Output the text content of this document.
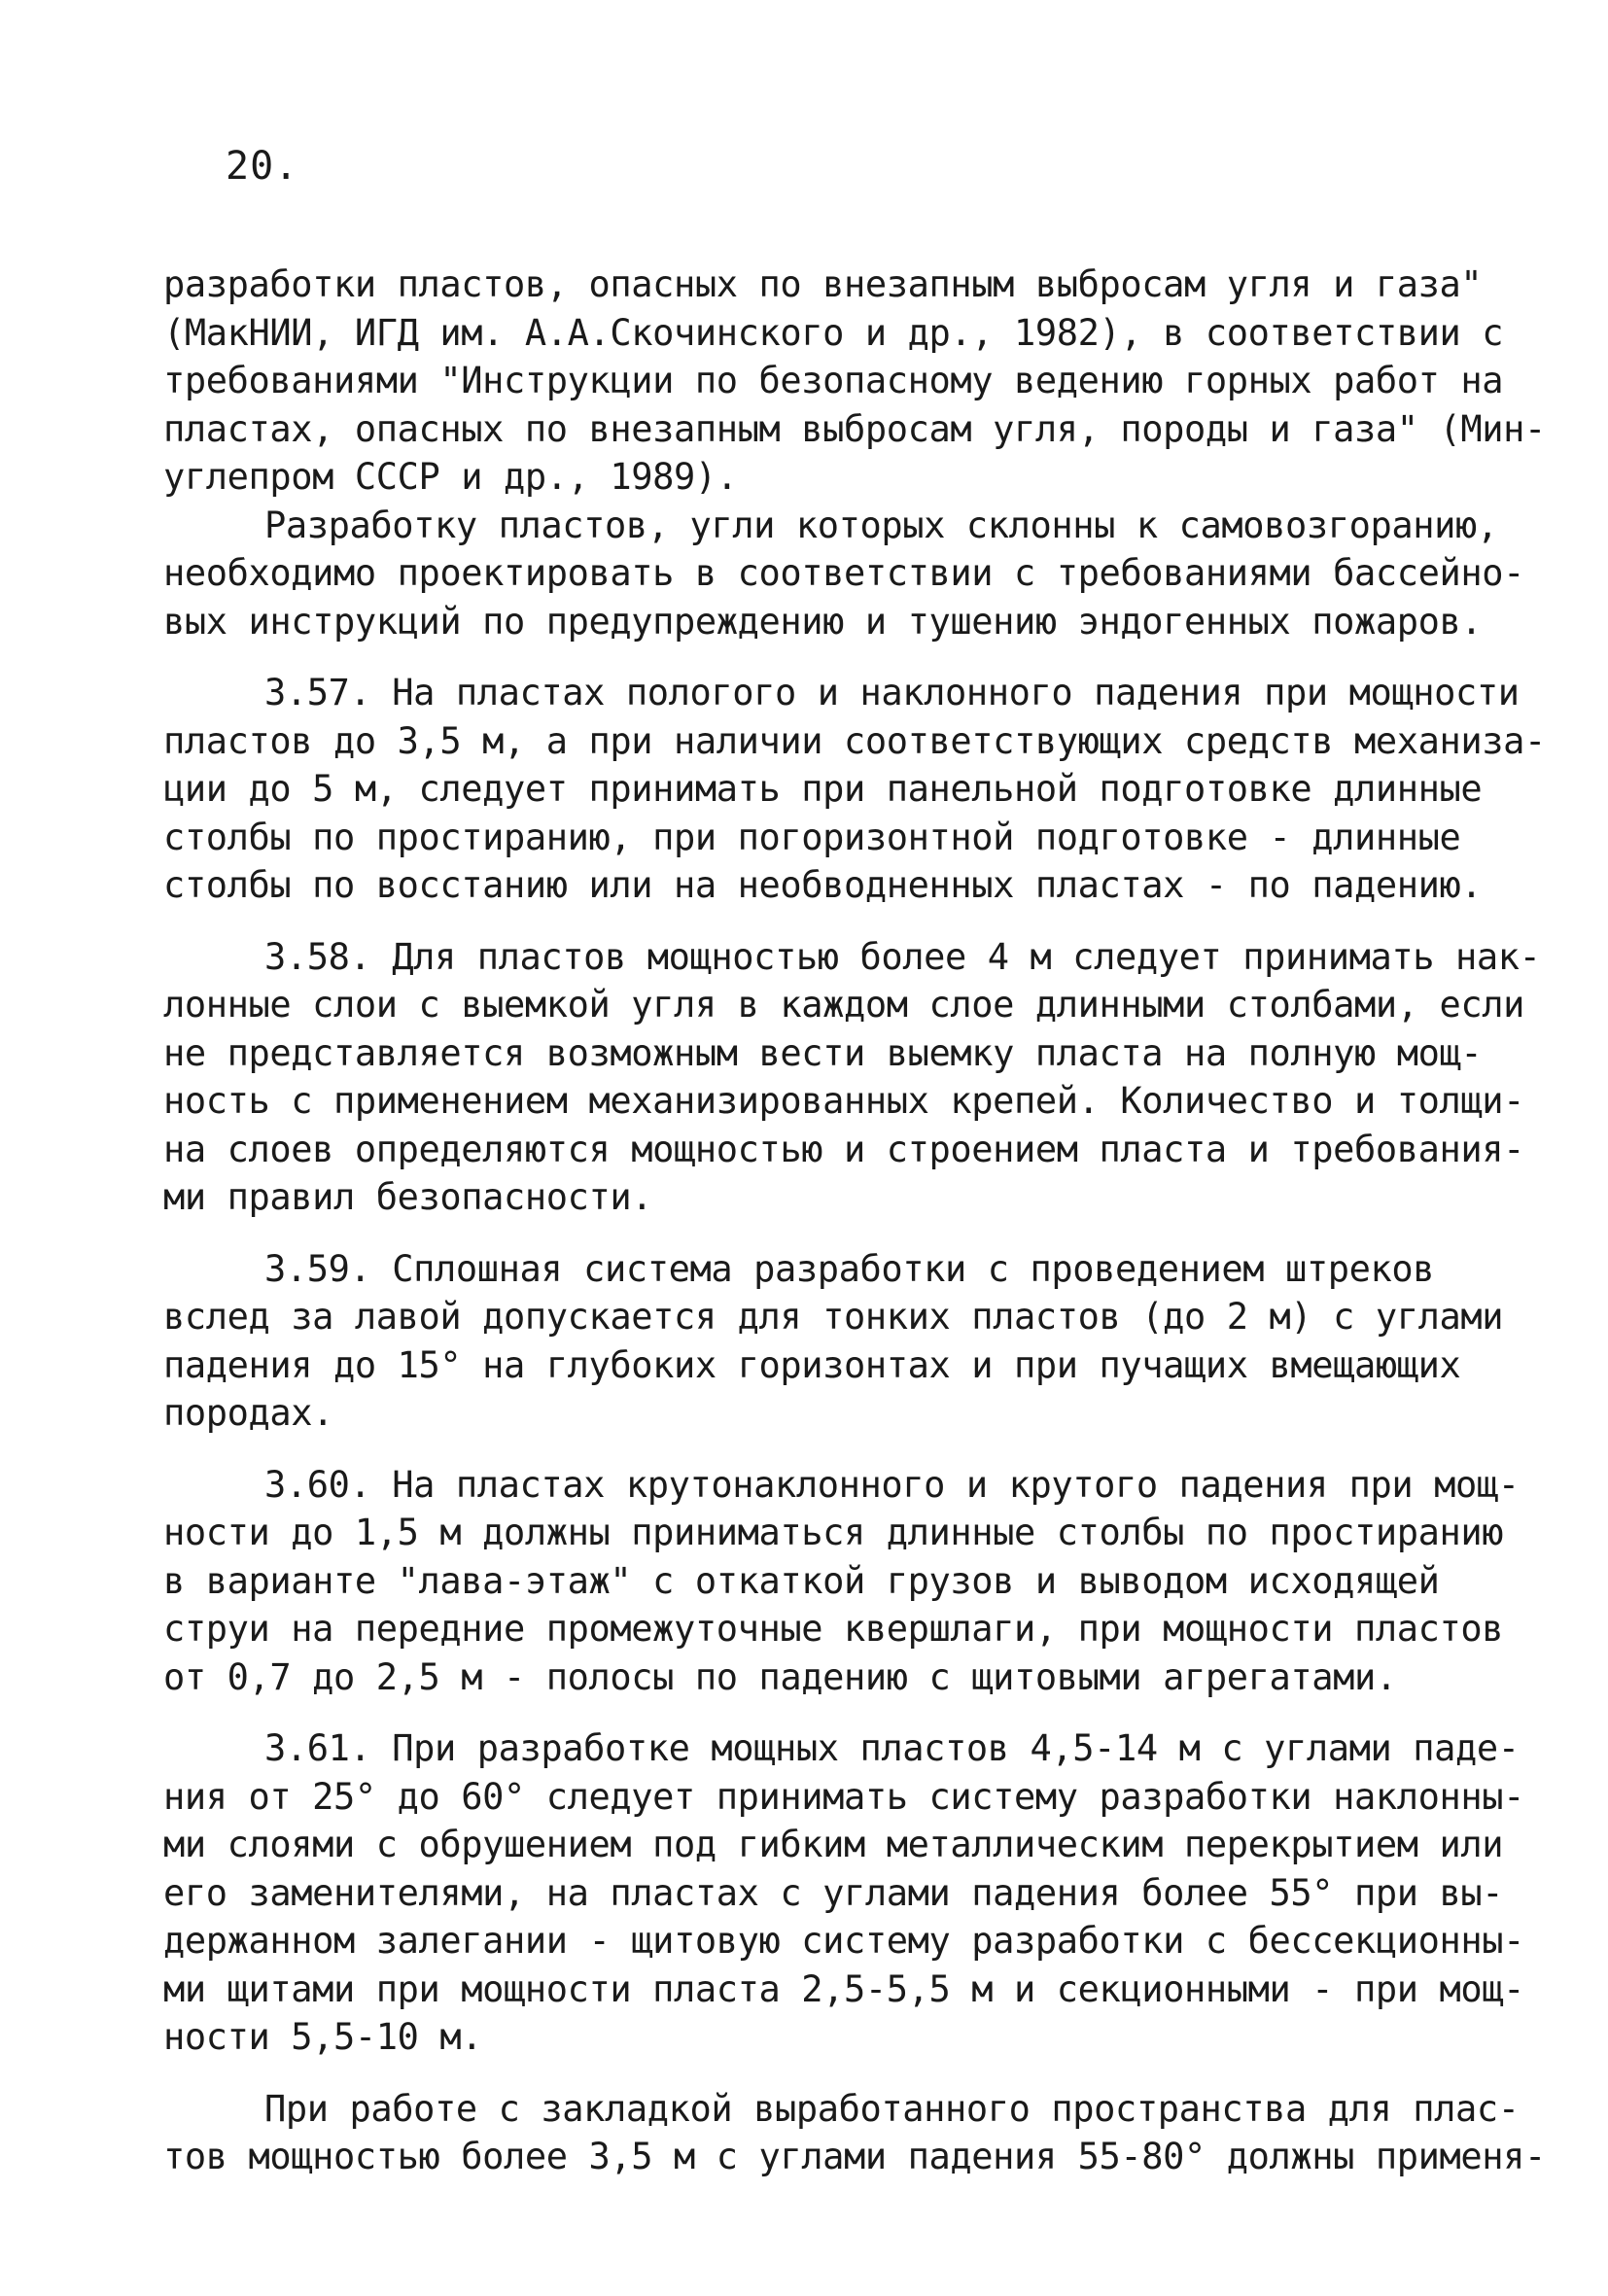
20.
разработки пластов, опасных по внезапным выбросам угля и газа"
(МакНИИ, ИГД им. А.А.Скочинского и др., 1982), в соответствии с
требованиями "Инструкции по безопасному ведению горных работ на
пластах, опасных по внезапным выбросам угля, породы и газа" (Мин-
углепром СССР и др., 1989).
Разработку пластов, угли которых склонны к самовозгоранию,
необходимо проектировать в соответствии с требованиями бассейно-
вых инструкций по предупреждению и тушению эндогенных пожаров.
3.57. На пластах пологого и наклонного падения при мощности
пластов до 3,5 м, а при наличии соответствующих средств механиза-
ции до 5 м, следует принимать при панельной подготовке длинные
столбы по простиранию, при погоризонтной подготовке - длинные
столбы по восстанию или на необводненных пластах - по падению.
3.58. Для пластов мощностью более 4 м следует принимать нак-
лонные слои с выемкой угля в каждом слое длинными столбами, если
не представляется возможным вести выемку пласта на полную мощ-
ность с применением механизированных крепей. Количество и толщи-
на слоев определяются мощностью и строением пласта и требования-
ми правил безопасности.
3.59. Сплошная система разработки с проведением штреков
вслед за лавой допускается для тонких пластов (до 2 м) с углами
падения до 15° на глубоких горизонтах и при пучащих вмещающих
породах.
3.60. На пластах крутонаклонного и крутого падения при мощ-
ности до 1,5 м должны приниматься длинные столбы по простиранию
в варианте "лава-этаж" с откаткой грузов и выводом исходящей
струи на передние промежуточные квершлаги, при мощности пластов
от 0,7 до 2,5 м - полосы по падению с щитовыми агрегатами.
3.61. При разработке мощных пластов 4,5-14 м с углами паде-
ния от 25° до 60° следует принимать систему разработки наклонны-
ми слоями с обрушением под гибким металлическим перекрытием или
его заменителями, на пластах с углами падения более 55° при вы-
держанном залегании - щитовую систему разработки с бессекционны-
ми щитами при мощности пласта 2,5-5,5 м и секционными - при мощ-
ности 5,5-10 м.
При работе с закладкой выработанного пространства для плас-
тов мощностью более 3,5 м с углами падения 55-80° должны применя-
